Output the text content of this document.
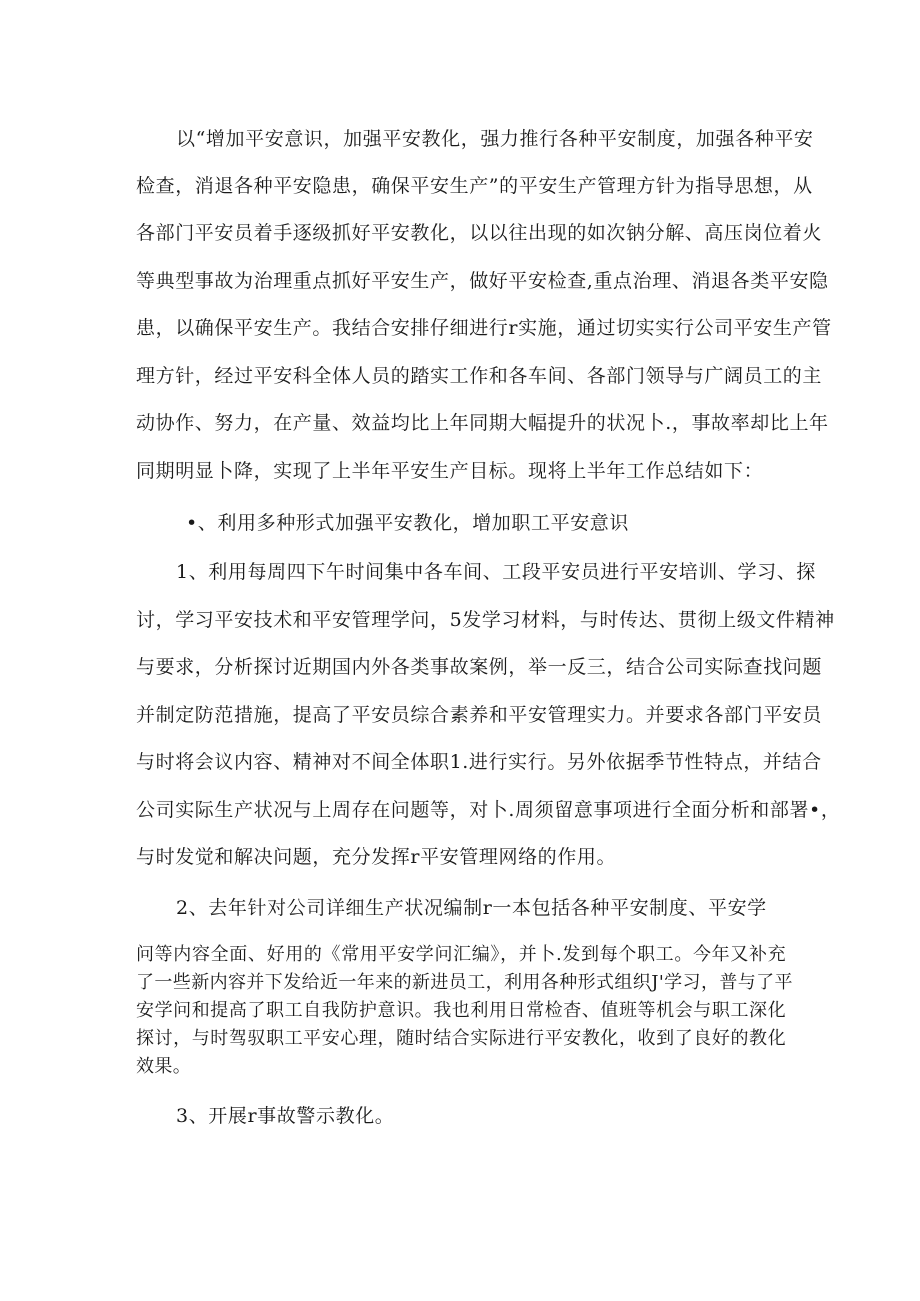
以“增加平安意识，加强平安教化，强力推行各种平安制度，加强各种平安
检查，消退各种平安隐患，确保平安生产”的平安生产管理方针为指导思想，从
各部门平安员着手逐级抓好平安教化，以以往出现的如次钠分解、高压岗位着火
等典型事故为治理重点抓好平安生产，做好平安检查,重点治理、消退各类平安隐
患，以确保平安生产。我结合安排仔细进行r实施，通过切实实行公司平安生产管
理方针，经过平安科全体人员的踏实工作和各车间、各部门领导与广阔员工的主
动协作、努力，在产量、效益均比上年同期大幅提升的状况卜.，事故率却比上年
同期明显卜降，实现了上半年平安生产目标。现将上半年工作总结如下：
•、利用多种形式加强平安教化，增加职工平安意识
1、利用每周四下午时间集中各车间、工段平安员进行平安培训、学习、探
讨，学习平安技术和平安管理学问，5发学习材料，与时传达、贯彻上级文件精神
与要求，分析探讨近期国内外各类事故案例，举一反三，结合公司实际查找问题
并制定防范措施，提高了平安员综合素养和平安管理实力。并要求各部门平安员
与时将会议内容、精神对不间全体职1.进行实行。另外依据季节性特点，并结合
公司实际生产状况与上周存在问题等，对卜.周须留意事项进行全面分析和部署•，
与时发觉和解决问题，充分发挥r平安管理网络的作用。
2、去年针对公司详细生产状况编制r一本包括各种平安制度、平安学
问等内容全面、好用的《常用平安学问汇编》，并卜.发到每个职工。今年又补充
了一些新内容并下发给近一年来的新进员工，利用各种形式组织J'学习，普与了平
安学问和提高了职工自我防护意识。我也利用日常检杳、值班等机会与职工深化
探讨，与时驾驭职工平安心理，随时结合实际进行平安教化，收到了良好的教化
效果。
3、开展r事故警示教化。
